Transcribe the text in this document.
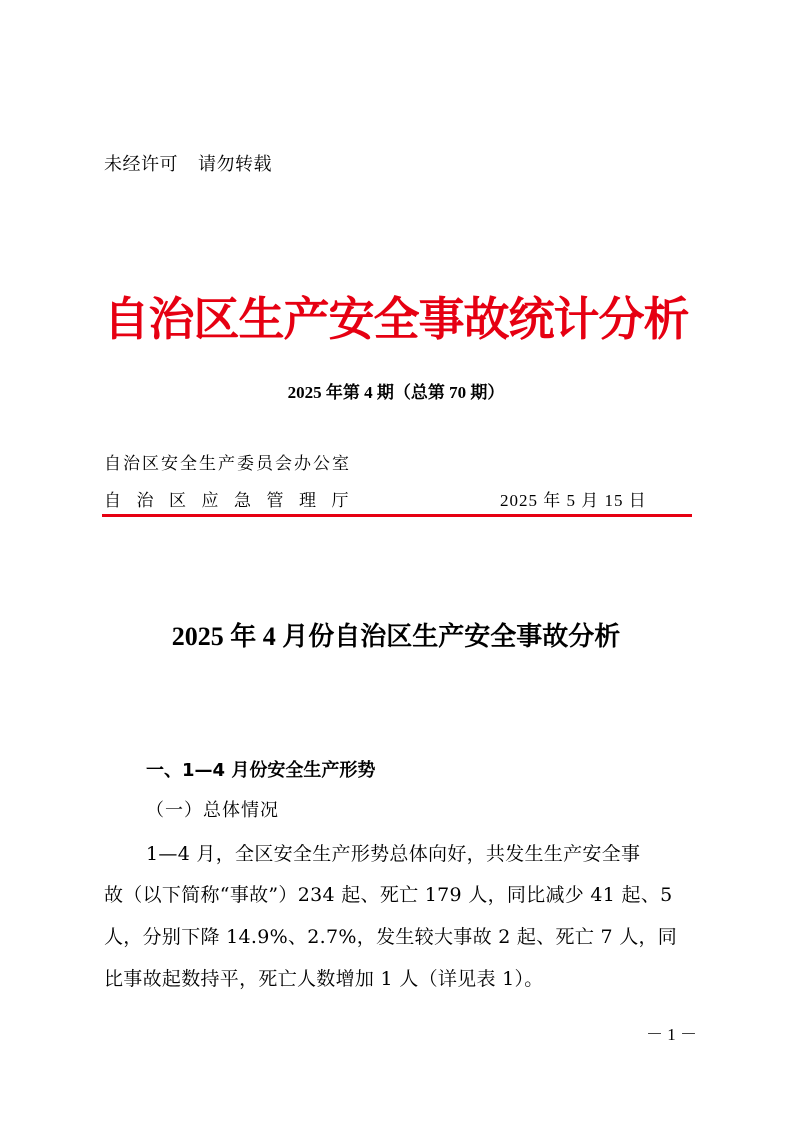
未经许可 请勿转载
自治区生产安全事故统计分析
2025 年第 4 期（总第 70 期）
自治区安全生产委员会办公室
自治区应急管理厅	2025 年 5 月 15 日
2025 年 4 月份自治区生产安全事故分析
一、1—4 月份安全生产形势
（一）总体情况
1—4 月，全区安全生产形势总体向好，共发生生产安全事
故（以下简称“事故”）234 起、死亡 179 人，同比减少 41 起、5
人，分别下降 14.9%、2.7%，发生较大事故 2 起、死亡 7 人，同
比事故起数持平，死亡人数增加 1 人（详见表 1）。
－ 1 －
